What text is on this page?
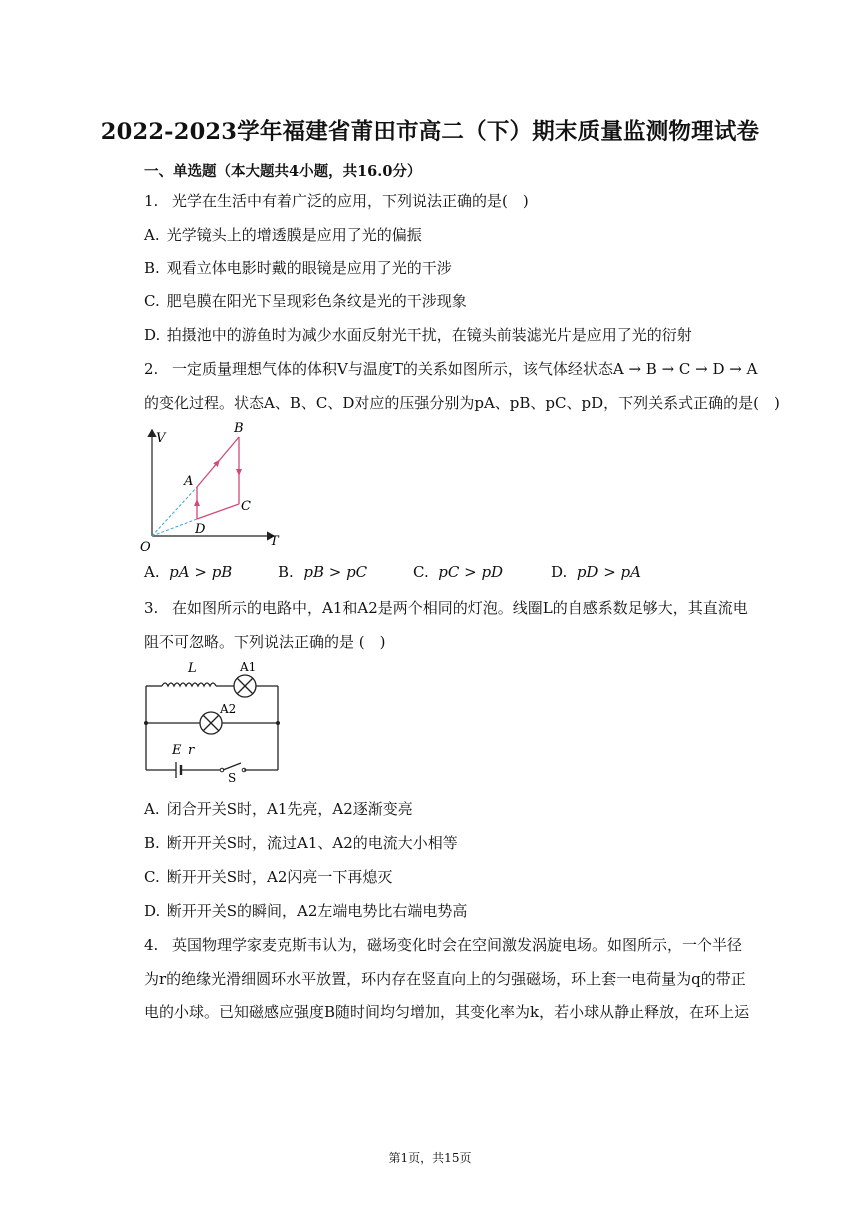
2022-2023学年福建省莆田市高二（下）期末质量监测物理试卷
一、单选题（本大题共4小题，共16.0分）
1. 光学在生活中有着广泛的应用，下列说法正确的是(　)
A. 光学镜头上的增透膜是应用了光的偏振
B. 观看立体电影时戴的眼镜是应用了光的干涉
C. 肥皂膜在阳光下呈现彩色条纹是光的干涉现象
D. 拍摄池中的游鱼时为减少水面反射光干扰，在镜头前装滤光片是应用了光的衍射
2. 一定质量理想气体的体积V与温度T的关系如图所示，该气体经状态A → B → C → D → A
的变化过程。状态A、B、C、D对应的压强分别为pA、pB、pC、pD，下列关系式正确的是(　)
V
T
O
A
B
C
D
A. pA > pB	B. pB > pC	C. pC > pD	D. pD > pA
3. 在如图所示的电路中，A1和A2是两个相同的灯泡。线圈L的自感系数足够大，其直流电
阻不可忽略。下列说法正确的是 (　)
L	A1
A2
E r
S
A. 闭合开关S时，A1先亮，A2逐渐变亮
B. 断开开关S时，流过A1、A2的电流大小相等
C. 断开开关S时，A2闪亮一下再熄灭
D. 断开开关S的瞬间，A2左端电势比右端电势高
4. 英国物理学家麦克斯韦认为，磁场变化时会在空间激发涡旋电场。如图所示，一个半径
为r的绝缘光滑细圆环水平放置，环内存在竖直向上的匀强磁场，环上套一电荷量为q的带正
电的小球。已知磁感应强度B随时间均匀增加，其变化率为k，若小球从静止释放，在环上运
第1页，共15页
